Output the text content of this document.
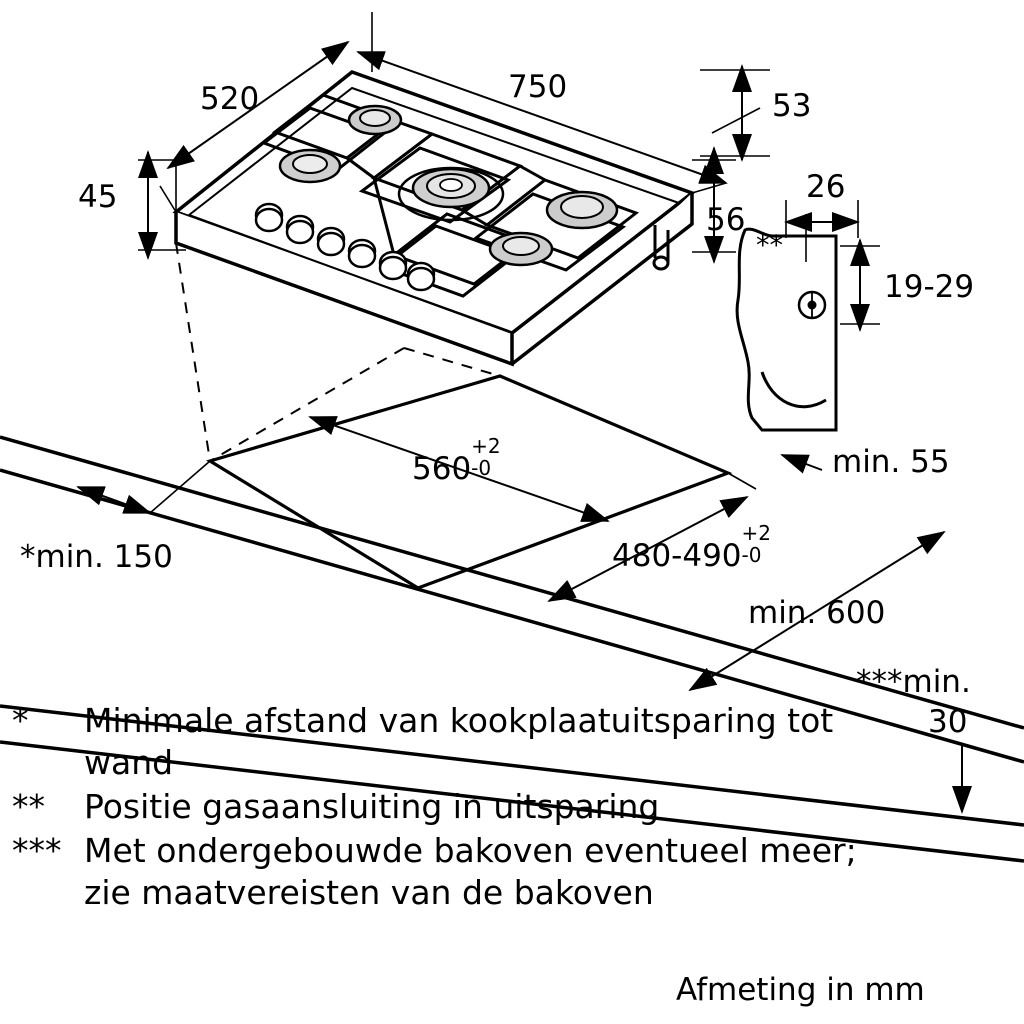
520	750
53
45
56
26
**
19-29
560
+2
-0
480-490
+2
-0
*min. 150
min. 55
min. 600
***min.
30
*	Minimale afstand van kookplaatuitsparing tot wand
**	Positie gasaansluiting in uitsparing
*** Met ondergebouwde bakoven eventueel meer; zie maatvereisten van de bakoven
Afmeting in mm
